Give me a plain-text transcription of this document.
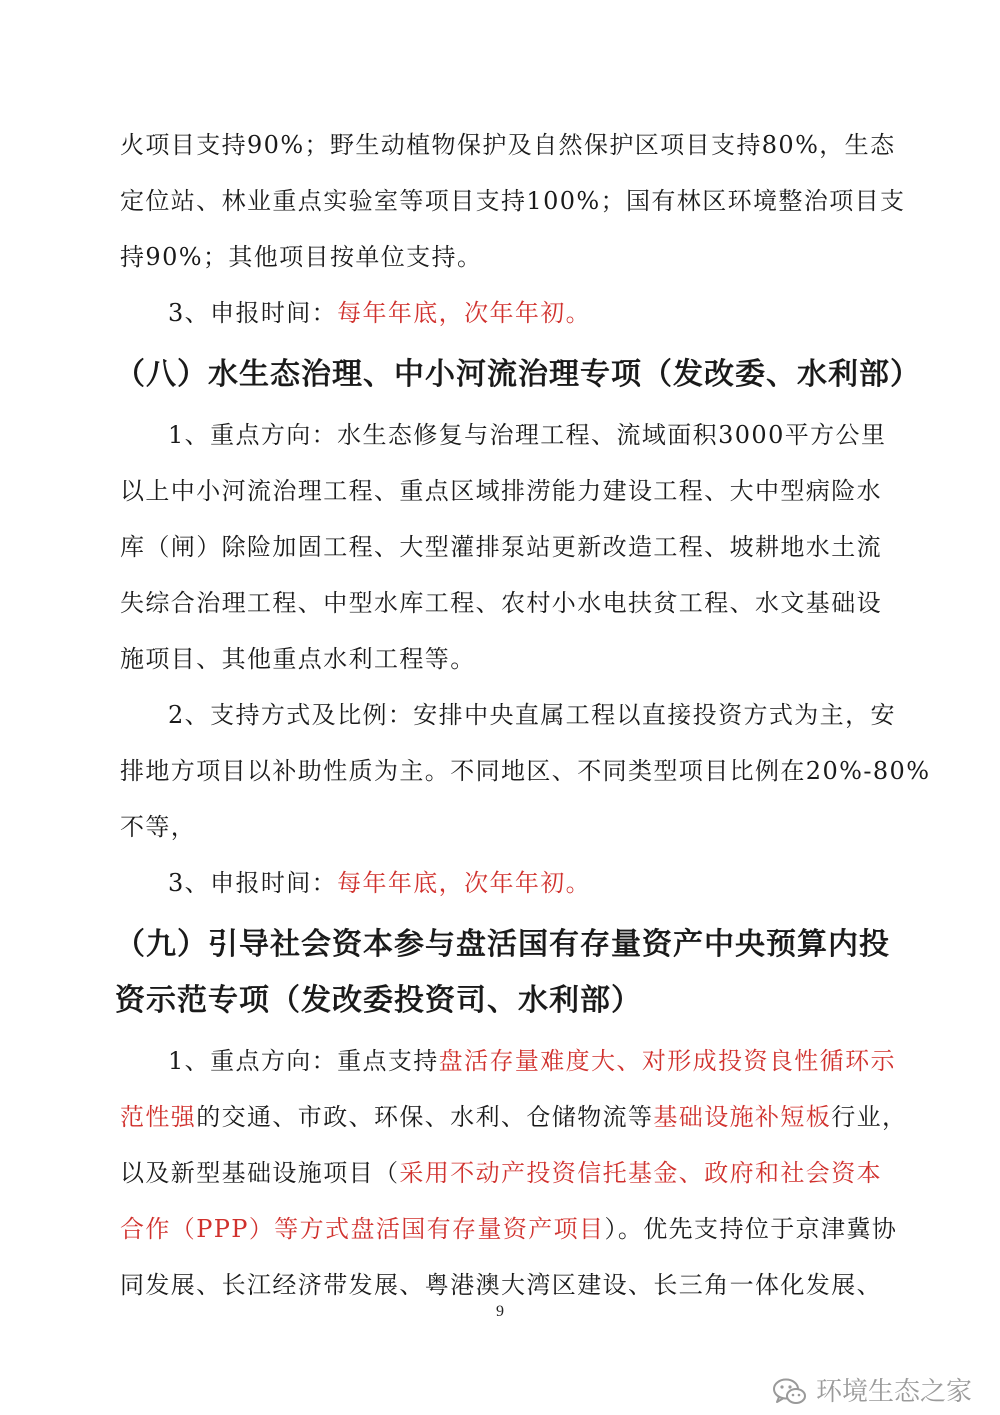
火项目支持90%；野生动植物保护及自然保护区项目支持80%，生态
定位站、林业重点实验室等项目支持100%；国有林区环境整治项目支
持90%；其他项目按单位支持。
3、申报时间：每年年底，次年年初。
（八）水生态治理、中小河流治理专项（发改委、水利部）
1、重点方向：水生态修复与治理工程、流域面积3000平方公里
以上中小河流治理工程、重点区域排涝能力建设工程、大中型病险水
库（闸）除险加固工程、大型灌排泵站更新改造工程、坡耕地水土流
失综合治理工程、中型水库工程、农村小水电扶贫工程、水文基础设
施项目、其他重点水利工程等。
2、支持方式及比例：安排中央直属工程以直接投资方式为主，安
排地方项目以补助性质为主。不同地区、不同类型项目比例在20%-80%
不等，
3、申报时间：每年年底，次年年初。
（九）引导社会资本参与盘活国有存量资产中央预算内投
资示范专项（发改委投资司、水利部）
1、重点方向：重点支持盘活存量难度大、对形成投资良性循环示
范性强的交通、市政、环保、水利、仓储物流等基础设施补短板行业，
以及新型基础设施项目（采用不动产投资信托基金、政府和社会资本
合作（PPP）等方式盘活国有存量资产项目）。优先支持位于京津冀协
同发展、长江经济带发展、粤港澳大湾区建设、长三角一体化发展、
9
环境生态之家
